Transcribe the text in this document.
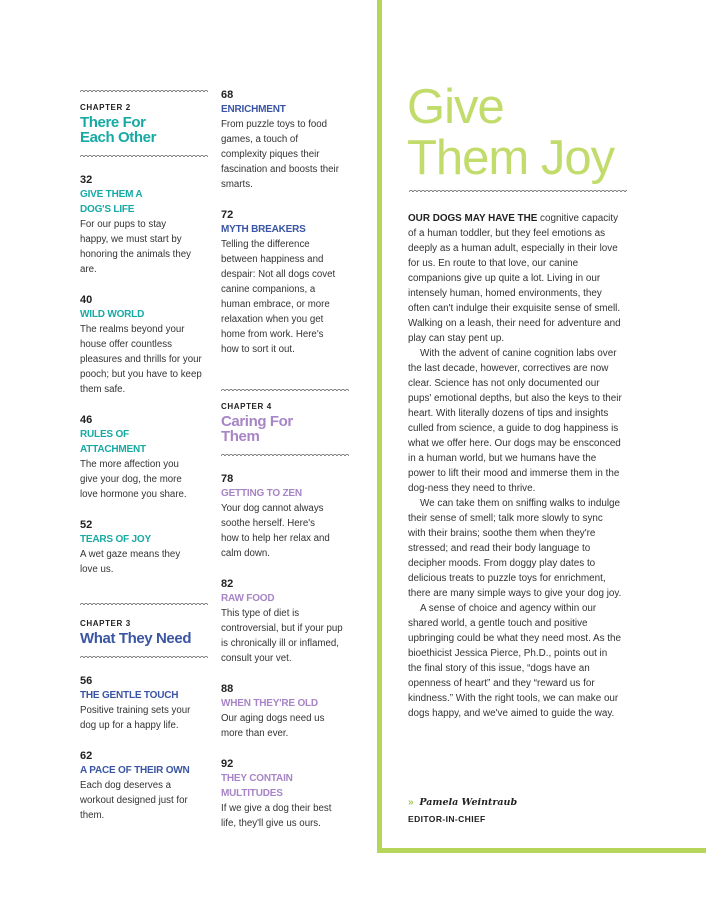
CHAPTER 2
There For Each Other
32
GIVE THEM A DOG'S LIFE
For our pups to stay happy, we must start by honoring the animals they are.
40
WILD WORLD
The realms beyond your house offer countless pleasures and thrills for your pooch; but you have to keep them safe.
46
RULES OF ATTACHMENT
The more affection you give your dog, the more love hormone you share.
52
TEARS OF JOY
A wet gaze means they love us.
CHAPTER 3
What They Need
56
THE GENTLE TOUCH
Positive training sets your dog up for a happy life.
62
A PACE OF THEIR OWN
Each dog deserves a workout designed just for them.
68
ENRICHMENT
From puzzle toys to food games, a touch of complexity piques their fascination and boosts their smarts.
72
MYTH BREAKERS
Telling the difference between happiness and despair: Not all dogs covet canine companions, a human embrace, or more relaxation when you get home from work. Here's how to sort it out.
CHAPTER 4
Caring For Them
78
GETTING TO ZEN
Your dog cannot always soothe herself. Here's how to help her relax and calm down.
82
RAW FOOD
This type of diet is controversial, but if your pup is chronically ill or inflamed, consult your vet.
88
WHEN THEY'RE OLD
Our aging dogs need us more than ever.
92
THEY CONTAIN MULTITUDES
If we give a dog their best life, they'll give us ours.
Give
Them Joy

OUR DOGS MAY HAVE THE cognitive capacity of a human toddler, but they feel emotions as deeply as a human adult, especially in their love for us. En route to that love, our canine companions give up quite a lot. Living in our intensely human, homed environments, they often can't indulge their exquisite sense of smell. Walking on a leash, their need for adventure and play can stay pent up.

With the advent of canine cognition labs over the last decade, however, correctives are now clear. Science has not only documented our pups' emotional depths, but also the keys to their heart. With literally dozens of tips and insights culled from science, a guide to dog happiness is what we offer here. Our dogs may be ensconced in a human world, but we humans have the power to lift their mood and immerse them in the dog-ness they need to thrive.

We can take them on sniffing walks to indulge their sense of smell; talk more slowly to sync with their brains; soothe them when they're stressed; and read their body language to decipher moods. From doggy play dates to delicious treats to puzzle toys for enrichment, there are many simple ways to give your dog joy.

A sense of choice and agency within our shared world, a gentle touch and positive upbringing could be what they need most. As the bioethicist Jessica Pierce, Ph.D., points out in the final story of this issue, “dogs have an openness of heart” and they “reward us for kindness.” With the right tools, we can make our dogs happy, and we've aimed to guide the way.

» Pamela Weintraub
EDITOR-IN-CHIEF
